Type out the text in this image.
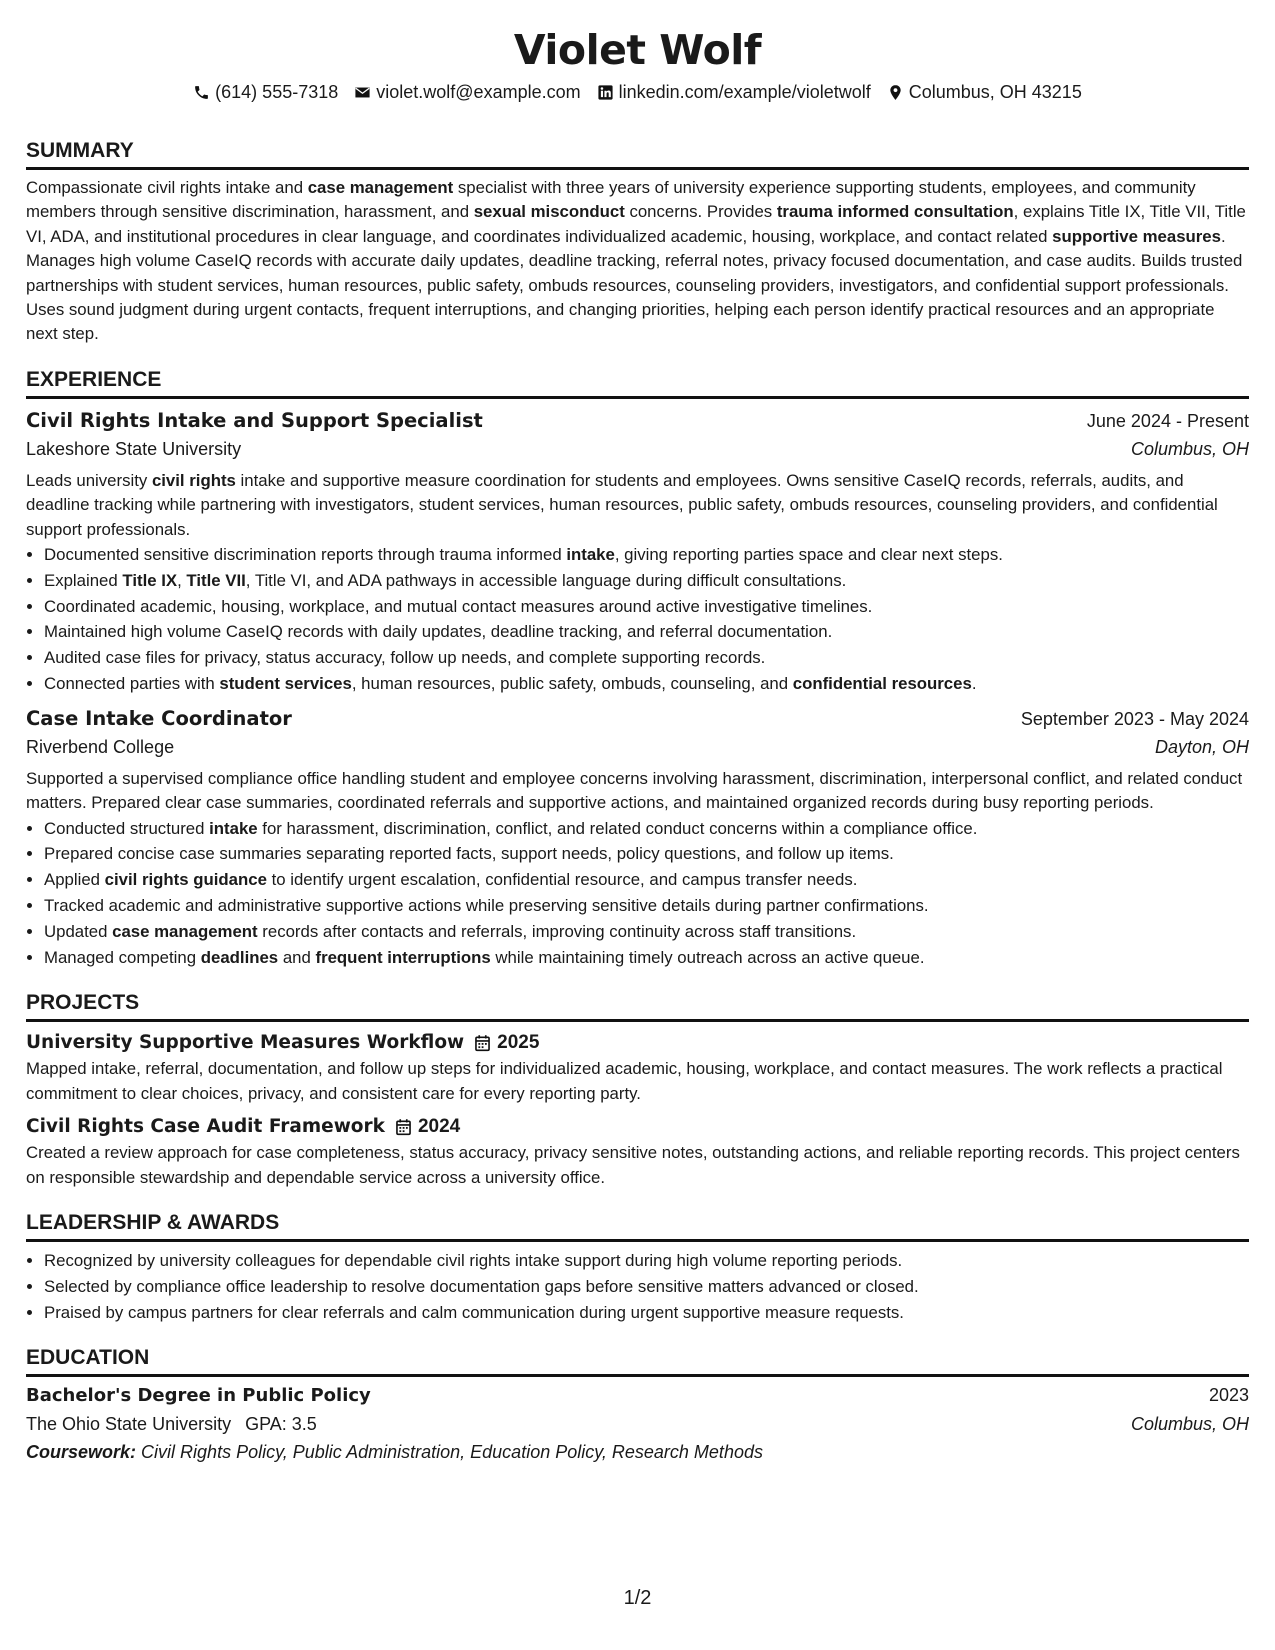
Violet Wolf
(614) 555-7318 violet.wolf@example.com linkedin.com/example/violetwolf Columbus, OH 43215
SUMMARY

Compassionate civil rights intake and case management specialist with three years of university experience supporting students, employees, and community members through sensitive discrimination, harassment, and sexual misconduct concerns. Provides trauma informed consultation, explains Title IX, Title VII, Title VI, ADA, and institutional procedures in clear language, and coordinates individualized academic, housing, workplace, and contact related supportive measures. Manages high volume CaseIQ records with accurate daily updates, deadline tracking, referral notes, privacy focused documentation, and case audits. Builds trusted partnerships with student services, human resources, public safety, ombuds resources, counseling providers, investigators, and confidential support professionals. Uses sound judgment during urgent contacts, frequent interruptions, and changing priorities, helping each person identify practical resources and an appropriate next step.

EXPERIENCE
Civil Rights Intake and Support Specialist	June 2024 - Present
Lakeshore State University	Columbus, OH

Leads university civil rights intake and supportive measure coordination for students and employees. Owns sensitive CaseIQ records, referrals, audits, and deadline tracking while partnering with investigators, student services, human resources, public safety, ombuds resources, counseling providers, and confidential support professionals.

• Documented sensitive discrimination reports through trauma informed intake, giving reporting parties space and clear next steps.
• Explained Title IX, Title VII, Title VI, and ADA pathways in accessible language during difficult consultations.
• Coordinated academic, housing, workplace, and mutual contact measures around active investigative timelines.
• Maintained high volume CaseIQ records with daily updates, deadline tracking, and referral documentation.
• Audited case files for privacy, status accuracy, follow up needs, and complete supporting records.
• Connected parties with student services, human resources, public safety, ombuds, counseling, and confidential resources.
Case Intake Coordinator	September 2023 - May 2024
Riverbend College	Dayton, OH

Supported a supervised compliance office handling student and employee concerns involving harassment, discrimination, interpersonal conflict, and related conduct matters. Prepared clear case summaries, coordinated referrals and supportive actions, and maintained organized records during busy reporting periods.

• Conducted structured intake for harassment, discrimination, conflict, and related conduct concerns within a compliance office.
• Prepared concise case summaries separating reported facts, support needs, policy questions, and follow up items.
• Applied civil rights guidance to identify urgent escalation, confidential resource, and campus transfer needs.
• Tracked academic and administrative supportive actions while preserving sensitive details during partner confirmations.
• Updated case management records after contacts and referrals, improving continuity across staff transitions.
• Managed competing deadlines and frequent interruptions while maintaining timely outreach across an active queue.
PROJECTS
University Supportive Measures Workflow 2025

Mapped intake, referral, documentation, and follow up steps for individualized academic, housing, workplace, and contact measures. The work reflects a practical commitment to clear choices, privacy, and consistent care for every reporting party.

Civil Rights Case Audit Framework 2024

Created a review approach for case completeness, status accuracy, privacy sensitive notes, outstanding actions, and reliable reporting records. This project centers on responsible stewardship and dependable service across a university office.

LEADERSHIP & AWARDS
• Recognized by university colleagues for dependable civil rights intake support during high volume reporting periods.
• Selected by compliance office leadership to resolve documentation gaps before sensitive matters advanced or closed.
• Praised by campus partners for clear referrals and calm communication during urgent supportive measure requests.
EDUCATION
Bachelor's Degree in Public Policy	2023
The Ohio State University GPA: 3.5	Columbus, OH
Coursework: Civil Rights Policy, Public Administration, Education Policy, Research Methods
1/2
